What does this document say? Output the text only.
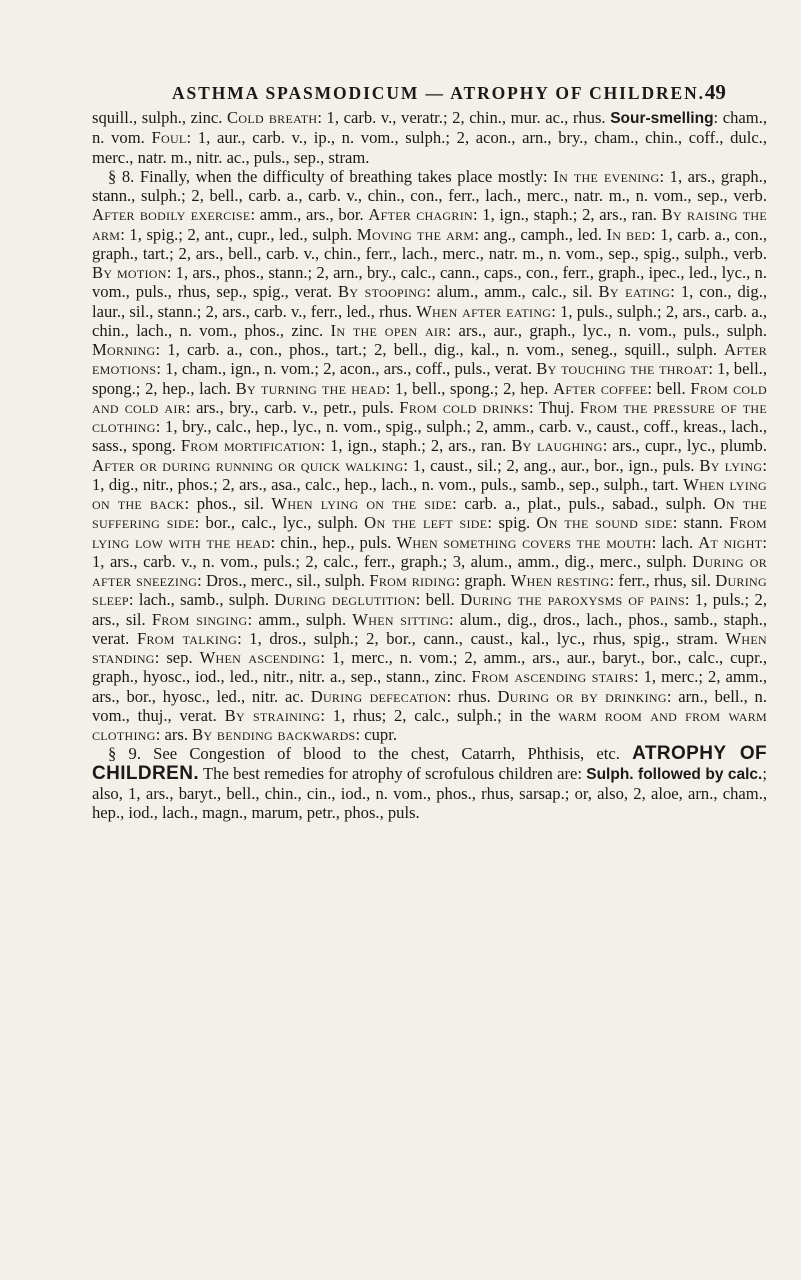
ASTHMA SPASMODICUM — ATROPHY OF CHILDREN. 49

squill., sulph., zinc. Cold breath: 1, carb. v., veratr.; 2, chin., mur. ac., rhus. Sour-smelling: cham., n. vom. Foul: 1, aur., carb. v., ip., n. vom., sulph.; 2, acon., arn., bry., cham., chin., coff., dulc., merc., natr. m., nitr. ac., puls., sep., stram.

§ 8. Finally, when the difficulty of breathing takes place mostly: In the evening: 1, ars., graph., stann., sulph.; 2, bell., carb. a., carb. v., chin., con., ferr., lach., merc., natr. m., n. vom., sep., verb. After bodily exercise: amm., ars., bor. After chagrin: 1, ign., staph.; 2, ars., ran. By raising the arm: 1, spig.; 2, ant., cupr., led., sulph. Moving the arm: ang., camph., led. In bed: 1, carb. a., con., graph., tart.; 2, ars., bell., carb. v., chin., ferr., lach., merc., natr. m., n. vom., sep., spig., sulph., verb. By motion: 1, ars., phos., stann.; 2, arn., bry., calc., cann., caps., con., ferr., graph., ipec., led., lyc., n. vom., puls., rhus, sep., spig., verat. By stooping: alum., amm., calc., sil. By eating: 1, con., dig., laur., sil., stann.; 2, ars., carb. v., ferr., led., rhus. When after eating: 1, puls., sulph.; 2, ars., carb. a., chin., lach., n. vom., phos., zinc. In the open air: ars., aur., graph., lyc., n. vom., puls., sulph. Morning: 1, carb. a., con., phos., tart.; 2, bell., dig., kal., n. vom., seneg., squill., sulph. After emotions: 1, cham., ign., n. vom.; 2, acon., ars., coff., puls., verat. By touching the throat: 1, bell., spong.; 2, hep., lach. By turning the head: 1, bell., spong.; 2, hep. After coffee: bell. From cold and cold air: ars., bry., carb. v., petr., puls. From cold drinks: Thuj. From the pressure of the clothing: 1, bry., calc., hep., lyc., n. vom., spig., sulph.; 2, amm., carb. v., caust., coff., kreas., lach., sass., spong. From mortification: 1, ign., staph.; 2, ars., ran. By laughing: ars., cupr., lyc., plumb. After or during running or quick walking: 1, caust., sil.; 2, ang., aur., bor., ign., puls. By lying: 1, dig., nitr., phos.; 2, ars., asa., calc., hep., lach., n. vom., puls., samb., sep., sulph., tart. When lying on the back: phos., sil. When lying on the side: carb. a., plat., puls., sabad., sulph. On the suffering side: bor., calc., lyc., sulph. On the left side: spig. On the sound side: stann. From lying low with the head: chin., hep., puls. When something covers the mouth: lach. At night: 1, ars., carb. v., n. vom., puls.; 2, calc., ferr., graph.; 3, alum., amm., dig., merc., sulph. During or after sneezing: Dros., merc., sil., sulph. From riding: graph. When resting: ferr., rhus, sil. During sleep: lach., samb., sulph. During deglutition: bell. During the paroxysms of pains: 1, puls.; 2, ars., sil. From singing: amm., sulph. When sitting: alum., dig., dros., lach., phos., samb., staph., verat. From talking: 1, dros., sulph.; 2, bor., cann., caust., kal., lyc., rhus, spig., stram. When standing: sep. When ascending: 1, merc., n. vom.; 2, amm., ars., aur., baryt., bor., calc., cupr., graph., hyosc., iod., led., nitr., nitr. a., sep., stann., zinc. From ascending stairs: 1, merc.; 2, amm., ars., bor., hyosc., led., nitr. ac. During defecation: rhus. During or by drinking: arn., bell., n. vom., thuj., verat. By straining: 1, rhus; 2, calc., sulph.; in the warm room and from warm clothing: ars. By bending backwards: cupr.

§ 9. See Congestion of blood to the chest, Catarrh, Phthisis, etc. ATROPHY OF CHILDREN. The best remedies for atrophy of scrofulous children are: Sulph. followed by calc.; also, 1, ars., baryt., bell., chin., cin., iod., n. vom., phos., rhus, sarsap.; or, also, 2, aloe, arn., cham., hep., iod., lach., magn., marum, petr., phos., puls.
